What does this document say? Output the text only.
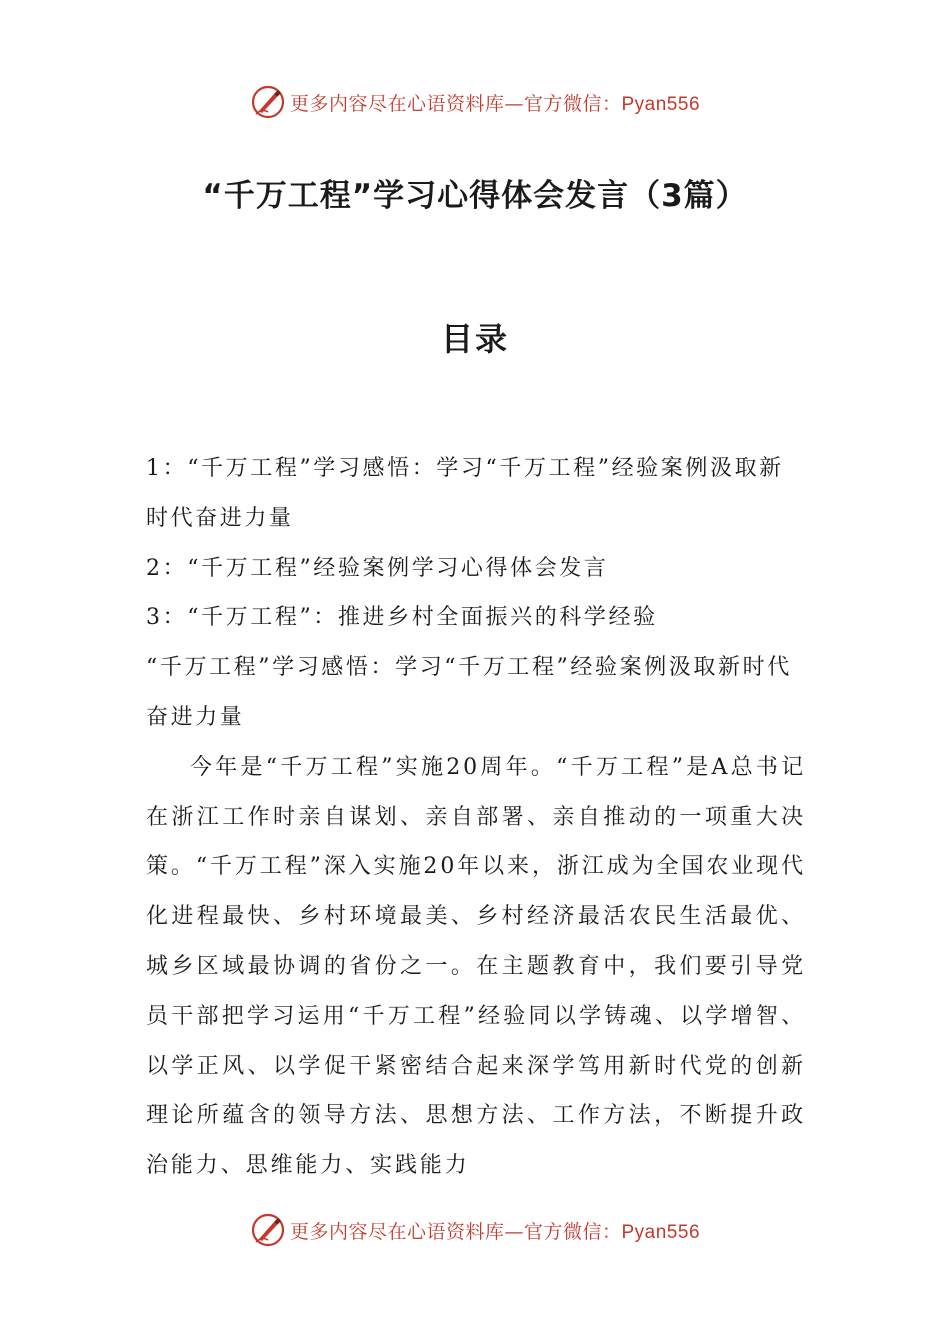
更多内容尽在心语资料库—官方微信：Pyan556
“千万工程”学习心得体会发言（3篇）
目录

1：“千万工程”学习感悟：学习“千万工程”经验案例汲取新时代奋进力量

2：“千万工程”经验案例学习心得体会发言

3：“千万工程”：推进乡村全面振兴的科学经验

“千万工程”学习感悟：学习“千万工程”经验案例汲取新时代奋进力量

今年是“千万工程”实施20周年。“千万工程”是A总书记在浙江工作时亲自谋划、亲自部署、亲自推动的一项重大决策。“千万工程”深入实施20年以来，浙江成为全国农业现代化进程最快、乡村环境最美、乡村经济最活农民生活最优、城乡区域最协调的省份之一。在主题教育中，我们要引导党员干部把学习运用“千万工程”经验同以学铸魂、以学增智、以学正风、以学促干紧密结合起来深学笃用新时代党的创新理论所蕴含的领导方法、思想方法、工作方法，不断提升政治能力、思维能力、实践能力

更多内容尽在心语资料库—官方微信：Pyan556
